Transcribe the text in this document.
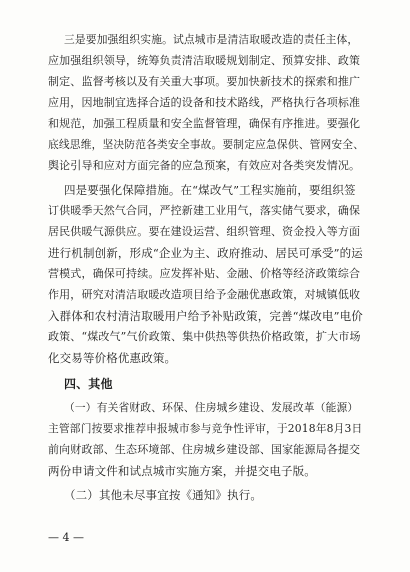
三是要加强组织实施。试点城市是清洁取暖改造的责任主体，
应加强组织领导，统筹负责清洁取暖规划制定、预算安排、政策
制定、监督考核以及有关重大事项。要加快新技术的探索和推广
应用，因地制宜选择合适的设备和技术路线，严格执行各项标准
和规范，加强工程质量和安全监督管理，确保有序推进。要强化
底线思维，坚决防范各类安全事故。要制定应急保供、管网安全、
舆论引导和应对方面完备的应急预案，有效应对各类突发情况。
四是要强化保障措施。在“煤改气”工程实施前，要组织签
订供暖季天然气合同，严控新建工业用气，落实储气要求，确保
居民供暖气源供应。要在建设运营、组织管理、资金投入等方面
进行机制创新，形成“企业为主、政府推动、居民可承受”的运
营模式，确保可持续。应发挥补贴、金融、价格等经济政策综合
作用，研究对清洁取暖改造项目给予金融优惠政策，对城镇低收
入群体和农村清洁取暖用户给予补贴政策，完善“煤改电”电价
政策、“煤改气”气价政策、集中供热等供热价格政策，扩大市场
化交易等价格优惠政策。
四、其他
（一）有关省财政、环保、住房城乡建设、发展改革（能源）
主管部门按要求推荐申报城市参与竞争性评审，于2018年8月3日
前向财政部、生态环境部、住房城乡建设部、国家能源局各提交
两份申请文件和试点城市实施方案，并提交电子版。
（二）其他未尽事宜按《通知》执行。
— 4 —
